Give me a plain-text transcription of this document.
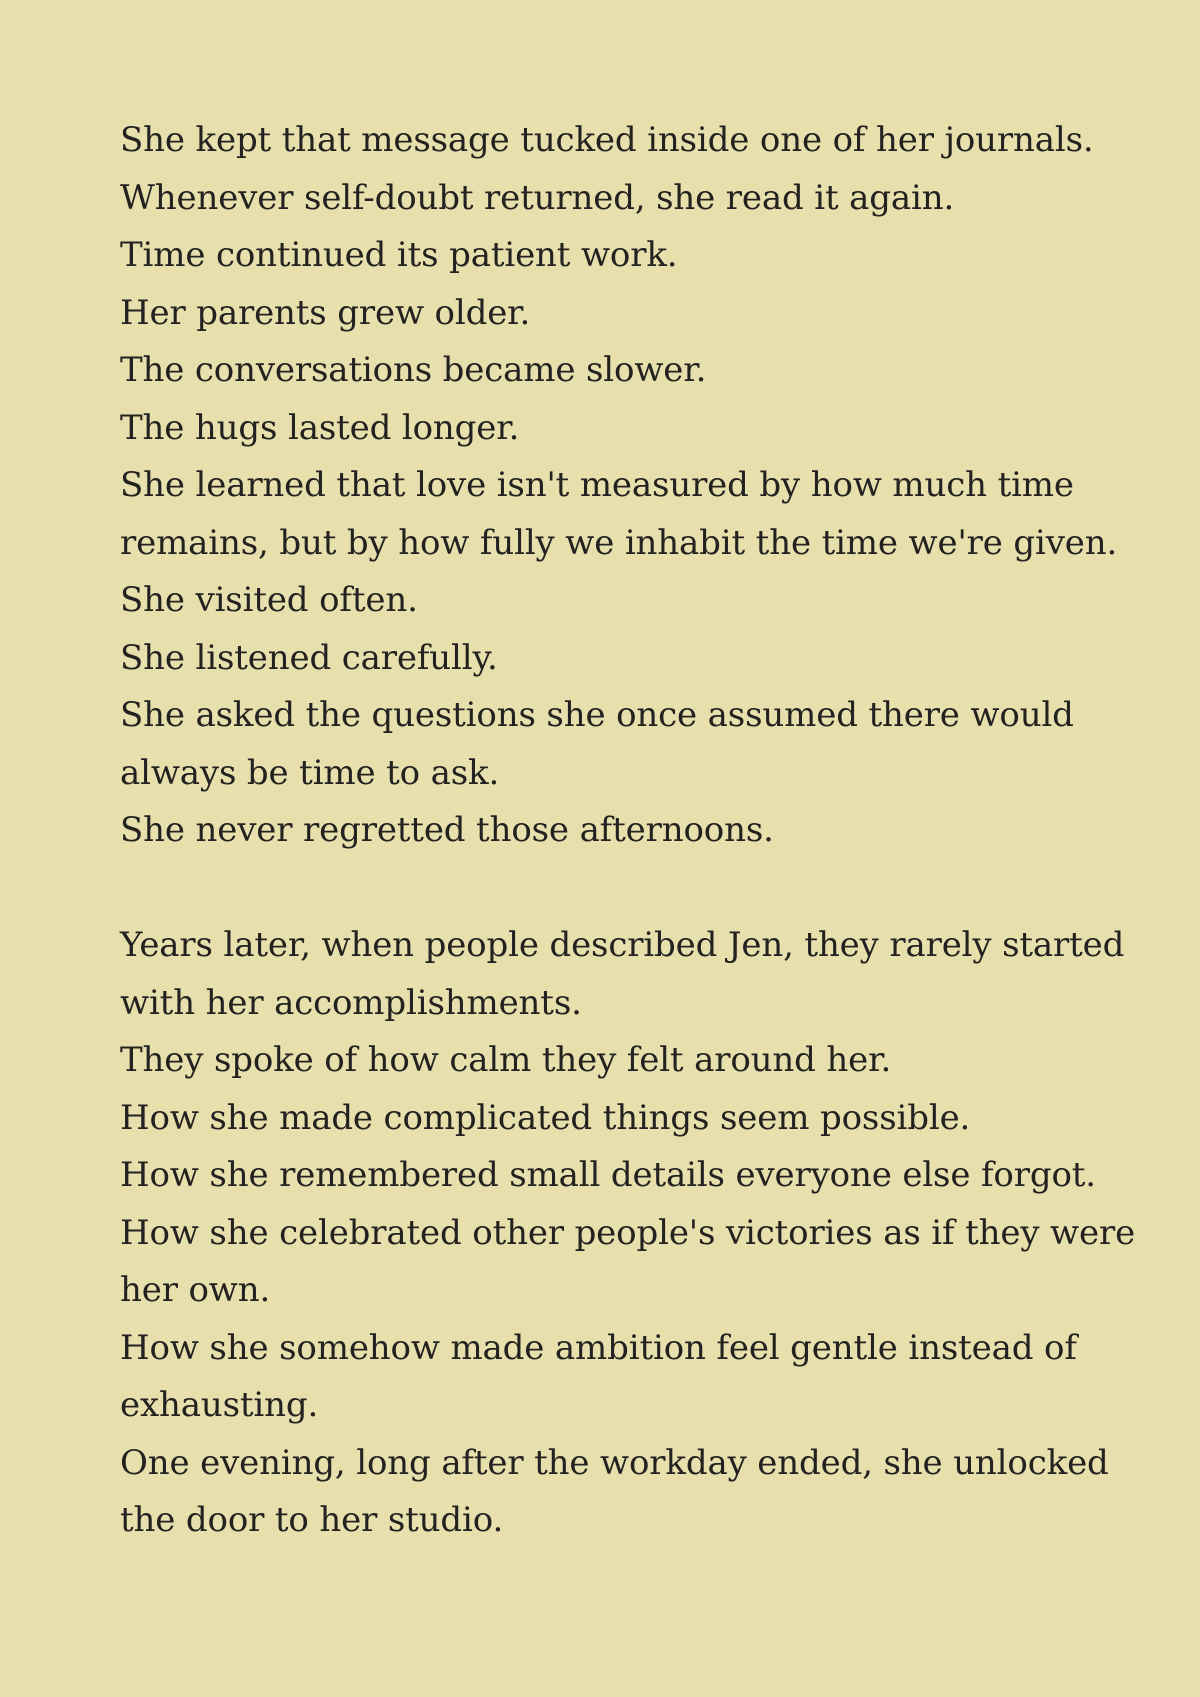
She kept that message tucked inside one of her journals.
Whenever self-doubt returned, she read it again.
Time continued its patient work.
Her parents grew older.
The conversations became slower.
The hugs lasted longer.
She learned that love isn't measured by how much time
remains, but by how fully we inhabit the time we're given.
She visited often.
She listened carefully.
She asked the questions she once assumed there would
always be time to ask.
She never regretted those afternoons.
Years later, when people described Jen, they rarely started
with her accomplishments.
They spoke of how calm they felt around her.
How she made complicated things seem possible.
How she remembered small details everyone else forgot.
How she celebrated other people's victories as if they were
her own.
How she somehow made ambition feel gentle instead of
exhausting.
One evening, long after the workday ended, she unlocked
the door to her studio.
